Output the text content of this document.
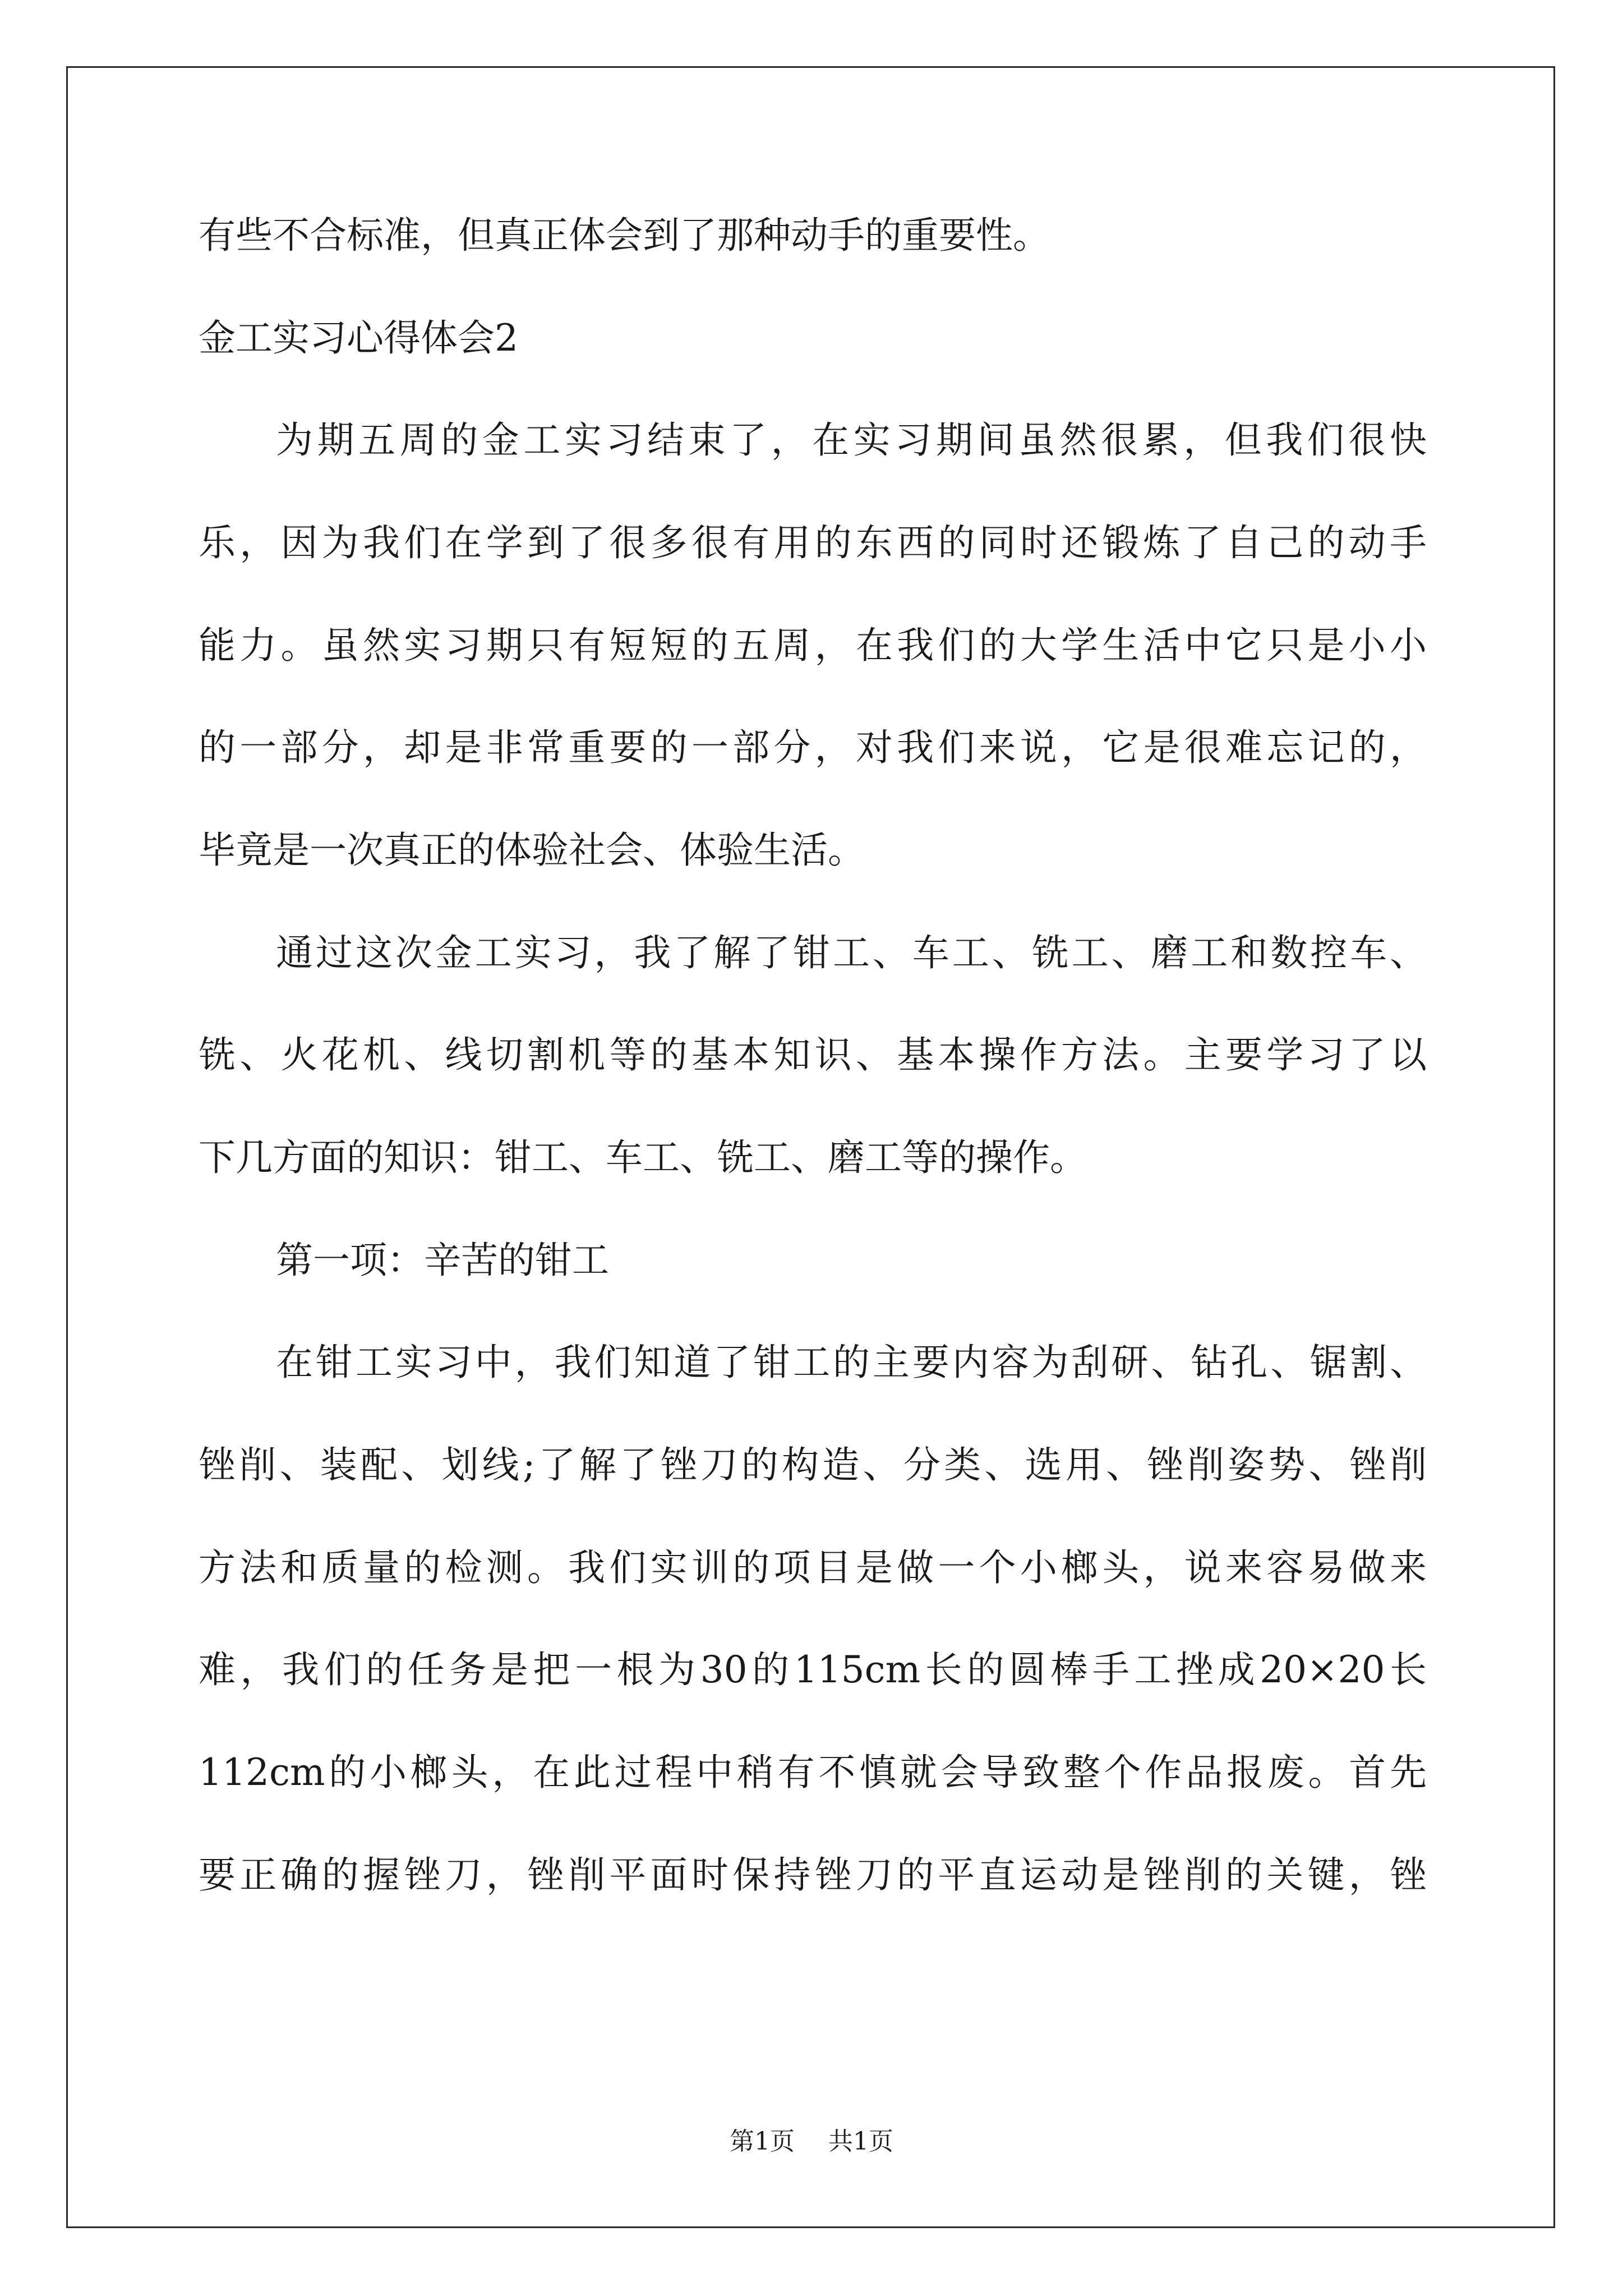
有些不合标准，但真正体会到了那种动手的重要性。
金工实习心得体会2
为期五周的金工实习结束了，在实习期间虽然很累，但我们很快
乐，因为我们在学到了很多很有用的东西的同时还锻炼了自己的动手
能力。虽然实习期只有短短的五周，在我们的大学生活中它只是小小
的一部分，却是非常重要的一部分，对我们来说，它是很难忘记的，
毕竟是一次真正的体验社会、体验生活。
通过这次金工实习，我了解了钳工、车工、铣工、磨工和数控车、
铣、火花机、线切割机等的基本知识、基本操作方法。主要学习了以
下几方面的知识：钳工、车工、铣工、磨工等的操作。
第一项：辛苦的钳工
在钳工实习中，我们知道了钳工的主要内容为刮研、钻孔、锯割、
锉削、装配、划线;了解了锉刀的构造、分类、选用、锉削姿势、锉削
方法和质量的检测。我们实训的项目是做一个小榔头，说来容易做来
难，我们的任务是把一根为30的115cm长的圆棒手工挫成20×20长
112cm的小榔头，在此过程中稍有不慎就会导致整个作品报废。首先
要正确的握锉刀，锉削平面时保持锉刀的平直运动是锉削的关键，锉
第1页 共1页
